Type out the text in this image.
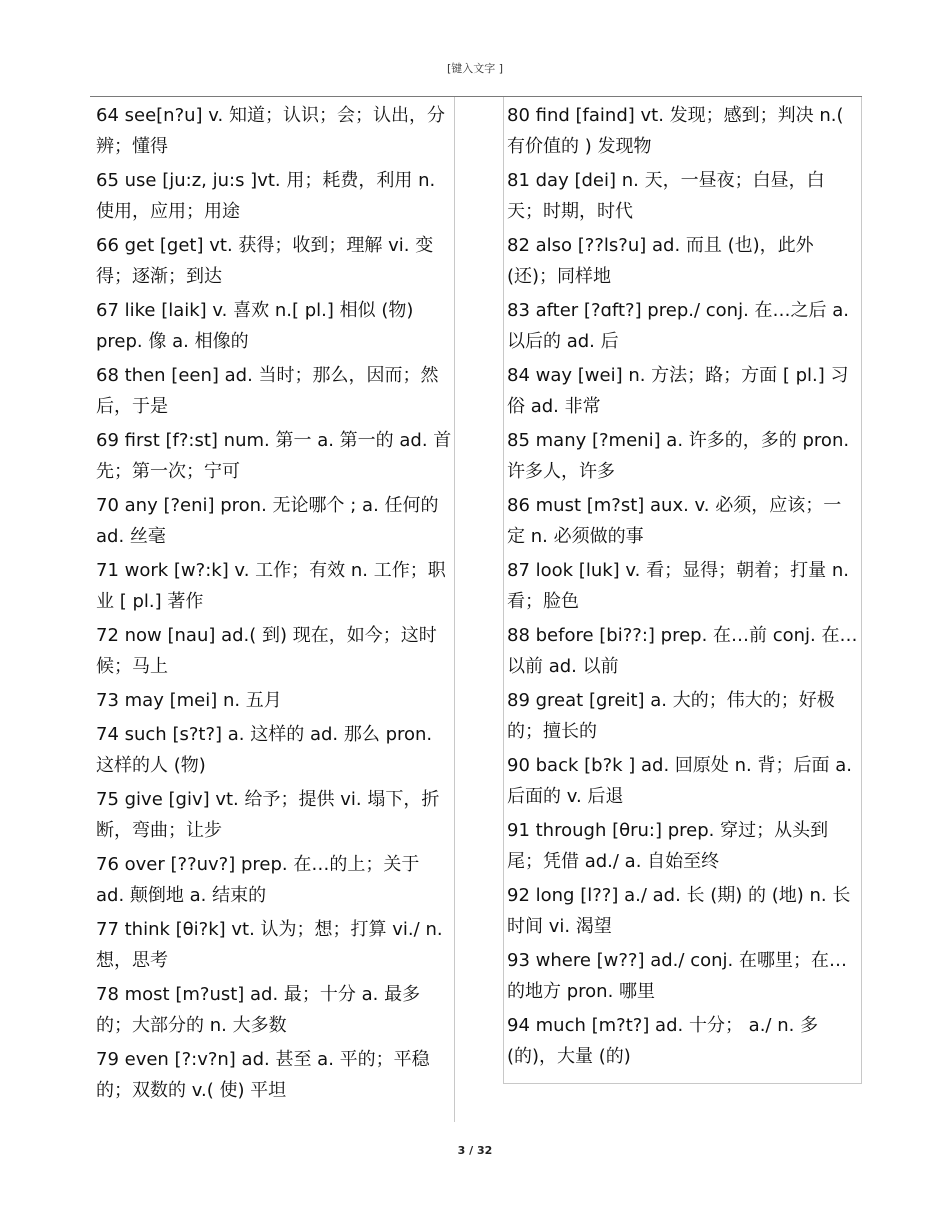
[键入文字 ]
64 see[n?u] v. 知道；认识；会；认出，分辨；懂得
65 use [ju:z, ju:s ]vt. 用；耗费，利用 n. 使用，应用；用途
66 get [get] vt. 获得；收到；理解 vi. 变得；逐渐；到达
67 like [laik] v. 喜欢 n.[ pl.] 相似 (物) prep. 像 a. 相像的
68 then [een] ad. 当时；那么，因而；然后，于是
69 first [f?:st] num. 第一 a. 第一的 ad. 首先；第一次；宁可
70 any [?eni] pron. 无论哪个 ; a. 任何的 ad. 丝毫
71 work [w?:k] v. 工作；有效 n. 工作；职业 [ pl.] 著作
72 now [nau] ad.( 到) 现在，如今；这时候；马上
73 may [mei] n. 五月
74 such [s?t?] a. 这样的 ad. 那么 pron. 这样的人 (物)
75 give [giv] vt. 给予；提供 vi. 塌下，折断，弯曲；让步
76 over [??uv?] prep. 在…的上；关于 ad. 颠倒地 a. 结束的
77 think [θi?k] vt. 认为；想；打算 vi./ n. 想，思考
78 most [m?ust] ad. 最；十分 a. 最多的；大部分的 n. 大多数
79 even [?:v?n] ad. 甚至 a. 平的；平稳的；双数的 v.( 使) 平坦
80 find [faind] vt. 发现；感到；判决 n.( 有价值的 ) 发现物
81 day [dei] n. 天，一昼夜；白昼，白天；时期，时代
82 also [??ls?u] ad. 而且 (也)，此外 (还)；同样地
83 after [?ɑft?] prep./ conj. 在…之后 a. 以后的 ad. 后
84 way [wei] n. 方法；路；方面 [ pl.] 习俗 ad. 非常
85 many [?meni] a. 许多的，多的 pron. 许多人，许多
86 must [m?st] aux. v. 必须，应该；一定 n. 必须做的事
87 look [luk] v. 看；显得；朝着；打量 n. 看；脸色
88 before [bi??:] prep. 在…前 conj. 在…以前 ad. 以前
89 great [greit] a. 大的；伟大的；好极的；擅长的
90 back [b?k ] ad. 回原处 n. 背；后面 a. 后面的 v. 后退
91 through [θru:] prep. 穿过；从头到尾；凭借 ad./ a. 自始至终
92 long [l??] a./ ad. 长 (期) 的 (地) n. 长时间 vi. 渴望
93 where [w??] ad./ conj. 在哪里；在…的地方 pron. 哪里
94 much [m?t?] ad. 十分； a./ n. 多 (的)，大量 (的)
3 / 32
